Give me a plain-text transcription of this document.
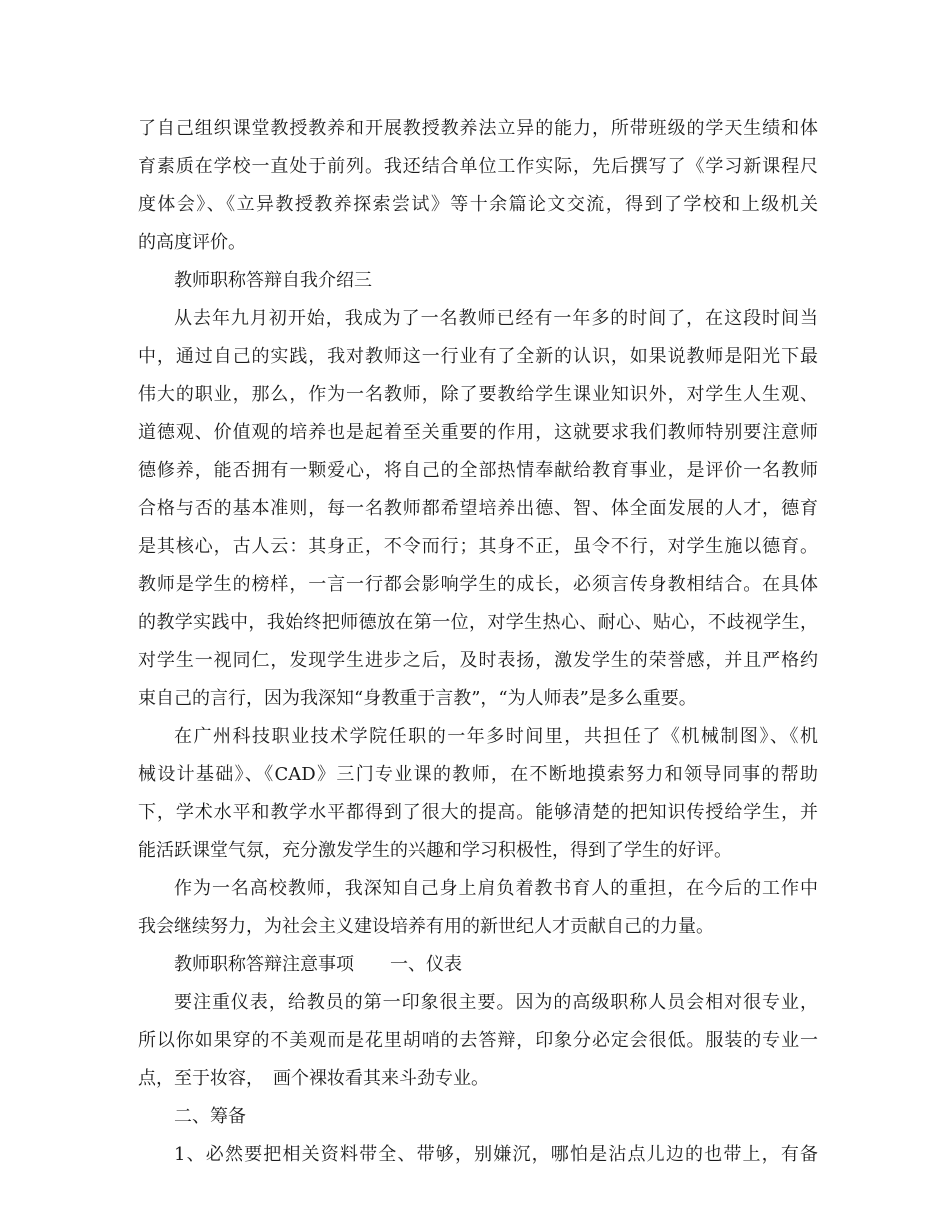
了自己组织课堂教授教养和开展教授教养法立异的能力，所带班级的学天生绩和体
育素质在学校一直处于前列。我还结合单位工作实际，先后撰写了《学习新课程尺
度体会》、《立异教授教养探索尝试》等十余篇论文交流，得到了学校和上级机关
的高度评价。
教师职称答辩自我介绍三
从去年九月初开始，我成为了一名教师已经有一年多的时间了，在这段时间当
中，通过自己的实践，我对教师这一行业有了全新的认识，如果说教师是阳光下最
伟大的职业，那么，作为一名教师，除了要教给学生课业知识外，对学生人生观、
道德观、价值观的培养也是起着至关重要的作用，这就要求我们教师特别要注意师
德修养，能否拥有一颗爱心，将自己的全部热情奉献给教育事业，是评价一名教师
合格与否的基本准则，每一名教师都希望培养出德、智、体全面发展的人才，德育
是其核心，古人云：其身正，不令而行；其身不正，虽令不行，对学生施以德育。
教师是学生的榜样，一言一行都会影响学生的成长，必须言传身教相结合。在具体
的教学实践中，我始终把师德放在第一位，对学生热心、耐心、贴心，不歧视学生，
对学生一视同仁，发现学生进步之后，及时表扬，激发学生的荣誉感，并且严格约
束自己的言行，因为我深知“身教重于言教”，“为人师表”是多么重要。
在广州科技职业技术学院任职的一年多时间里，共担任了《机械制图》、《机
械设计基础》、《CAD》三门专业课的教师，在不断地摸索努力和领导同事的帮助
下，学术水平和教学水平都得到了很大的提高。能够清楚的把知识传授给学生，并
能活跃课堂气氛，充分激发学生的兴趣和学习积极性，得到了学生的好评。
作为一名高校教师，我深知自己身上肩负着教书育人的重担，在今后的工作中
我会继续努力，为社会主义建设培养有用的新世纪人才贡献自己的力量。
教师职称答辩注意事项　　一、仪表
要注重仪表，给教员的第一印象很主要。因为的高级职称人员会相对很专业，
所以你如果穿的不美观而是花里胡哨的去答辩，印象分必定会很低。服装的专业一
点，至于妆容，　画个裸妆看其来斗劲专业。
二、筹备
1、必然要把相关资料带全、带够，别嫌沉，哪怕是沾点儿边的也带上，有备
